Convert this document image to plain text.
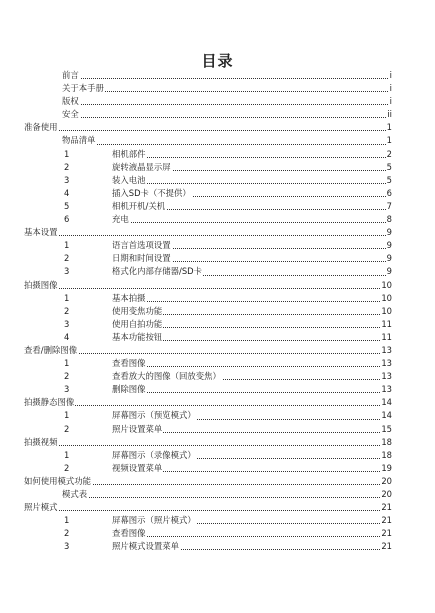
目录
前言	i
关于本手册	i
版权	i
安全	ii
准备使用	1
物品清单	1
1	相机部件	2
2	旋转液晶显示屏	5
3	装入电池	5
4	插入SD卡（不提供）	6
5	相机开机/关机	7
6	充电	8
基本设置	9
1	语言首选项设置	9
2	日期和时间设置	9
3	格式化内部存储器/SD卡	9
拍摄图像	10
1	基本拍摄	10
2	使用变焦功能	10
3	使用自拍功能	11
4	基本功能按钮	11
查看/删除图像	13
1	查看图像	13
2	查看放大的图像（回放变焦）	13
3	删除图像	13
拍摄静态图像	14
1	屏幕图示（预览模式）	14
2	照片设置菜单	15
拍摄视频	18
1	屏幕图示（录像模式）	18
2	视频设置菜单	19
如何使用模式功能	20
模式表	20
照片模式	21
1	屏幕图示（照片模式）	21
2	查看图像	21
3	照片模式设置菜单	21
